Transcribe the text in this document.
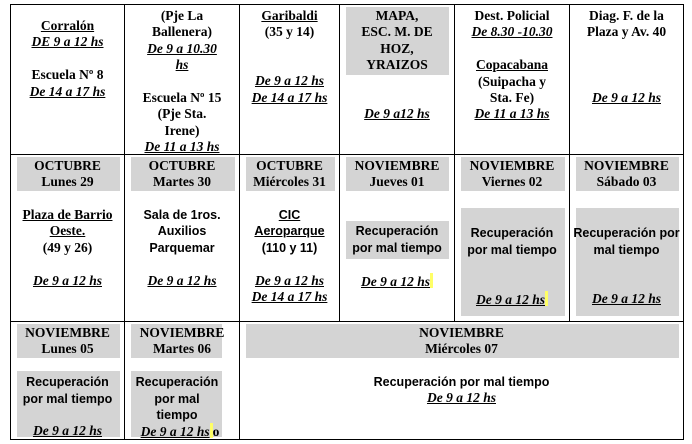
Corralón
DE 9 a 12 hs
Escuela Nº 8
De 14 a 17 hs
(Pje La
Ballenera)
De 9 a 10.30
hs
Escuela Nº 15
(Pje Sta.
Irene)
De 11 a 13 hs
Garibaldi
(35 y 14)
De 9 a 12 hs
De 14 a 17 hs
MAPA,
ESC. M. DE
HOZ,
YRAIZOS
De 9 a12 hs
Dest. Policial
De 8.30 -10.30
Copacabana
(Suipacha y
Sta. Fe)
De 11 a 13 hs
Diag. F. de la
Plaza y Av. 40
De 9 a 12 hs
OCTUBRE
Lunes 29
Plaza de Barrio
Oeste.
(49 y 26)
De 9 a 12 hs
OCTUBRE
Martes 30
Sala de 1ros.
Auxilios
Parquemar
De 9 a 12 hs
OCTUBRE
Miércoles 31
CIC
Aeroparque
(110 y 11)
De 9 a 12 hs
De 14 a 17 hs
NOVIEMBRE
Jueves 01
Recuperación
por mal tiempo
De 9 a 12 hs
NOVIEMBRE
Viernes 02
Recuperación
por mal tiempo
De 9 a 12 hs
NOVIEMBRE
Sábado 03
Recuperación por
mal tiempo
De 9 a 12 hs
NOVIEMBRE
Lunes 05
Recuperación
por mal tiempo
De 9 a 12 hs
NOVIEMBRE
Martes 06
Recuperación
por mal
tiempo
De 9 a 12 hs o
NOVIEMBRE
Miércoles 07
Recuperación por mal tiempo
De 9 a 12 hs
